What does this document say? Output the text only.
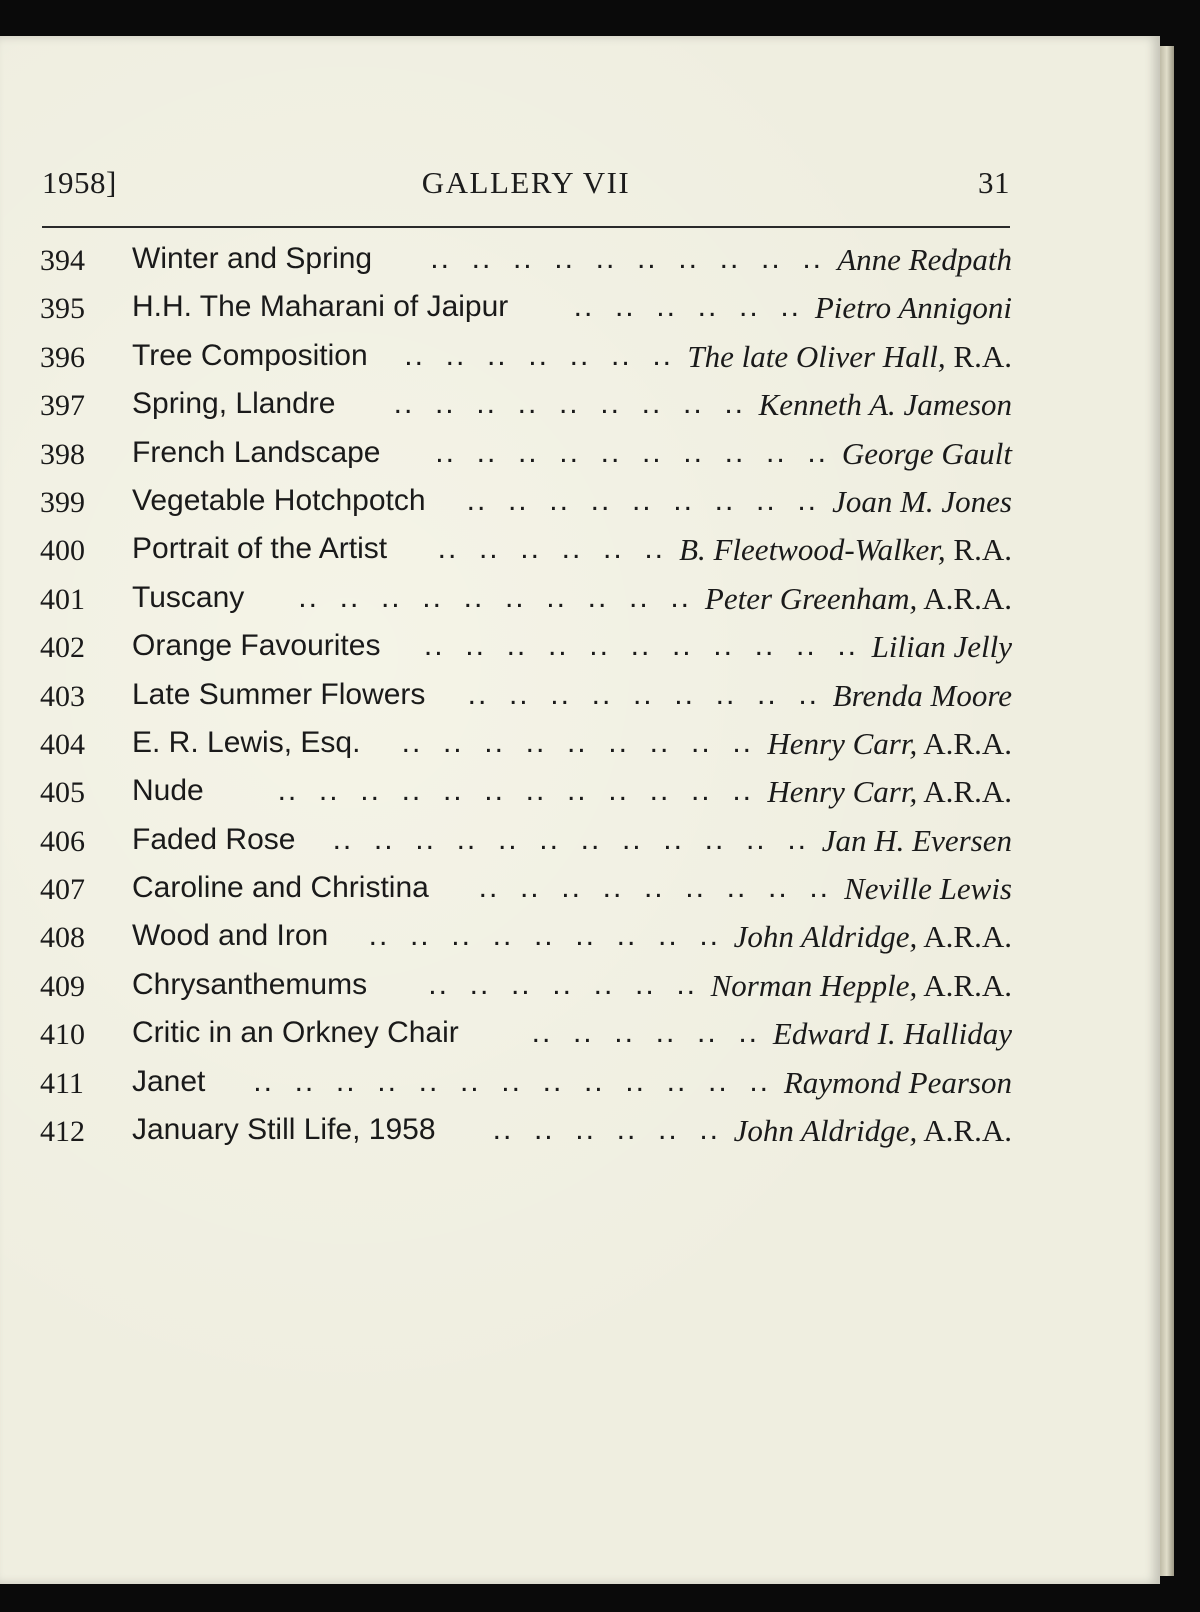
1958]	GALLERY VII	31
394	Winter and Spring	..  ..  ..  ..  ..  ..  ..  ..  ..  .. Anne Redpath
395	H.H. The Maharani of Jaipur	..  ..  ..  ..  ..  .. Pietro Annigoni
396	Tree Composition	..  ..  ..  ..  ..  ..  .. The late Oliver Hall, R.A.
397	Spring, Llandre	..  ..  ..  ..  ..  ..  ..  ..  .. Kenneth A. Jameson
398	French Landscape	..  ..  ..  ..  ..  ..  ..  ..  ..  .. George Gault
399	Vegetable Hotchpotch	..  ..  ..  ..  ..  ..  ..  ..  .. Joan M. Jones
400	Portrait of the Artist	..  ..  ..  ..  ..  .. B. Fleetwood-Walker, R.A.
401	Tuscany	..  ..  ..  ..  ..  ..  ..  ..  ..  .. Peter Greenham, A.R.A.
402	Orange Favourites	..  ..  ..  ..  ..  ..  ..  ..  ..  ..  .. Lilian Jelly
403	Late Summer Flowers	..  ..  ..  ..  ..  ..  ..  ..  .. Brenda Moore
404	E. R. Lewis, Esq.	..  ..  ..  ..  ..  ..  ..  ..  .. Henry Carr, A.R.A.
405	Nude	..  ..  ..  ..  ..  ..  ..  ..  ..  ..  ..  .. Henry Carr, A.R.A.
406	Faded Rose	..  ..  ..  ..  ..  ..  ..  ..  ..  ..  ..  .. Jan H. Eversen
407	Caroline and Christina	..  ..  ..  ..  ..  ..  ..  ..  .. Neville Lewis
408	Wood and Iron	..  ..  ..  ..  ..  ..  ..  ..  .. John Aldridge, A.R.A.
409	Chrysanthemums	..  ..  ..  ..  ..  ..  .. Norman Hepple, A.R.A.
410	Critic in an Orkney Chair	..  ..  ..  ..  ..  .. Edward I. Halliday
411	Janet	..  ..  ..  ..  ..  ..  ..  ..  ..  ..  ..  ..  .. Raymond Pearson
412	January Still Life, 1958	..  ..  ..  ..  ..  .. John Aldridge, A.R.A.
